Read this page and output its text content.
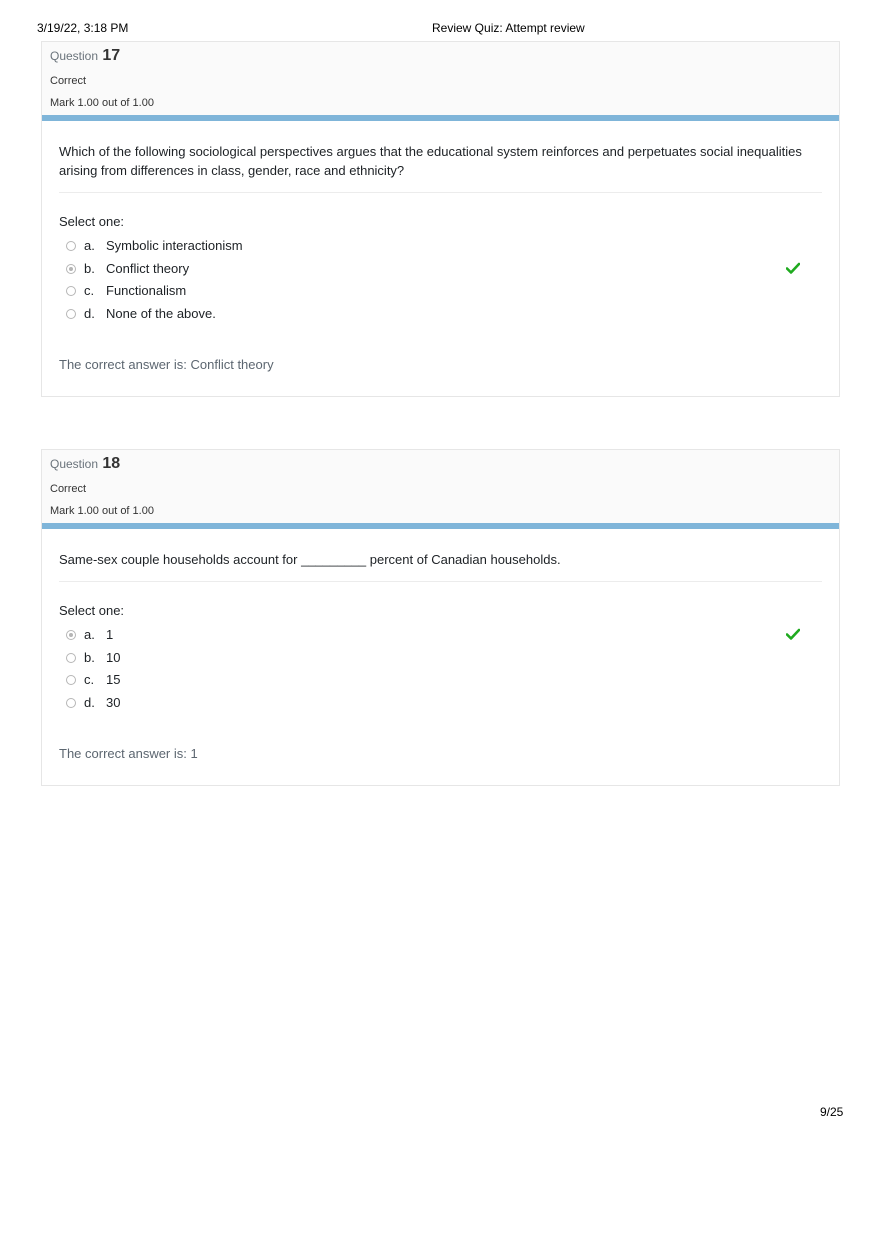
3/19/22, 3:18 PM	Review Quiz: Attempt review
Question 17
Correct
Mark 1.00 out of 1.00
Which of the following sociological perspectives argues that the educational system reinforces and perpetuates social inequalities arising from differences in class, gender, race and ethnicity?
Select one:
a. Symbolic interactionism
b. Conflict theory
c. Functionalism
d. None of the above.
The correct answer is: Conflict theory
Question 18
Correct
Mark 1.00 out of 1.00
Same-sex couple households account for _________ percent of Canadian households.
Select one:
a. 1
b. 10
c. 15
d. 30
The correct answer is: 1
9/25
